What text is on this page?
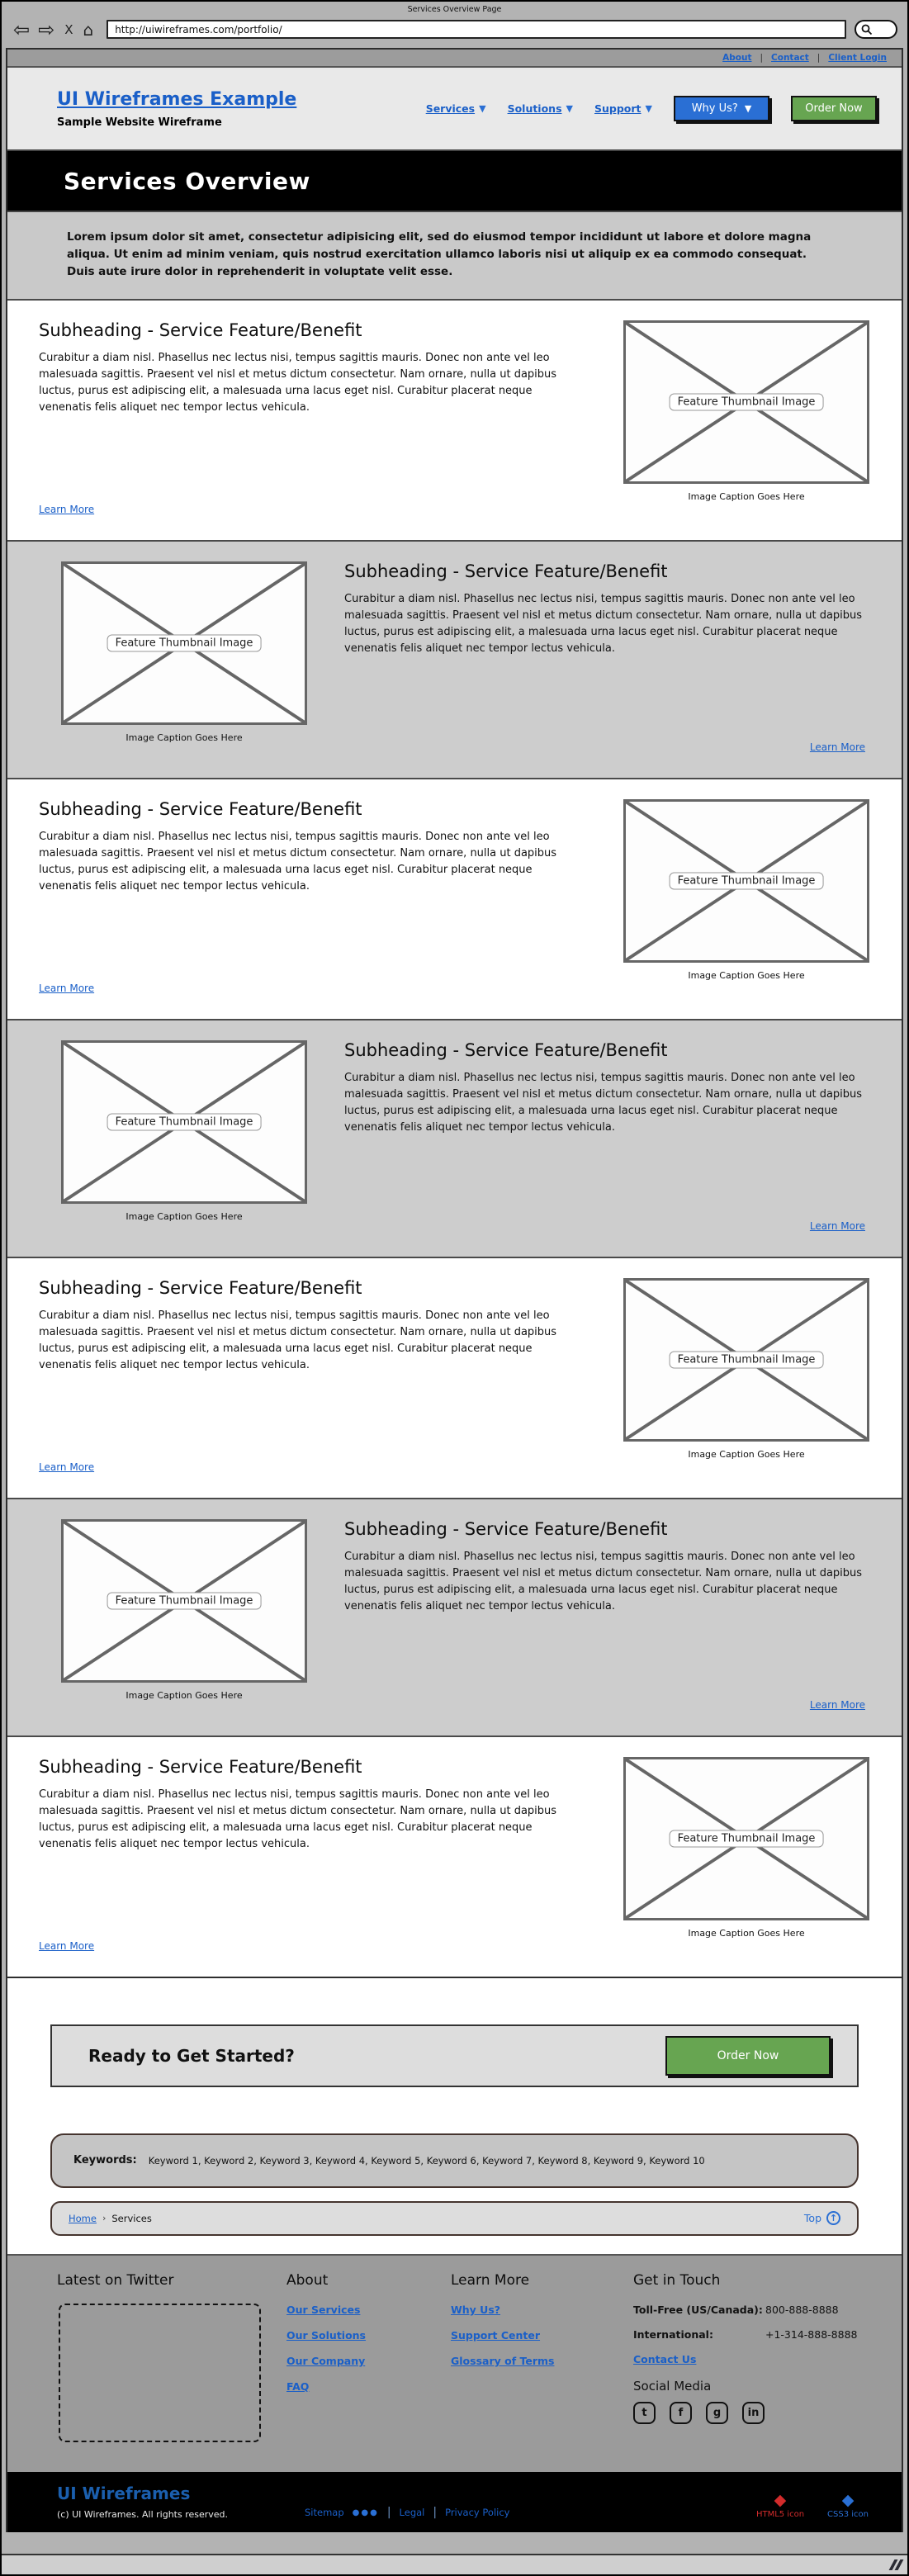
Services Overview Page
⇦ ⇨ X ⌂
http://uiwireframes.com/portfolio/
About | Contact | Client Login
UI Wireframes Example
Sample Website Wireframe
Services ▼ Solutions ▼ Support ▼	Why Us? ▼	Order Now
Services Overview
Lorem ipsum dolor sit amet, consectetur adipisicing elit, sed do eiusmod tempor incididunt ut labore et dolore magna aliqua. Ut enim ad minim veniam, quis nostrud exercitation ullamco laboris nisi ut aliquip ex ea commodo consequat. Duis aute irure dolor in reprehenderit in voluptate velit esse.
Subheading - Service Feature/Benefit
Curabitur a diam nisl. Phasellus nec lectus nisi, tempus sagittis mauris. Donec non ante vel leo malesuada sagittis. Praesent vel nisl et metus dictum consectetur. Nam ornare, nulla ut dapibus luctus, purus est adipiscing elit, a malesuada urna lacus eget nisl. Curabitur placerat neque venenatis felis aliquet nec tempor lectus vehicula.
Learn More
Feature Thumbnail Image
Image Caption Goes Here
Feature Thumbnail Image
Image Caption Goes Here
Subheading - Service Feature/Benefit
Curabitur a diam nisl. Phasellus nec lectus nisi, tempus sagittis mauris. Donec non ante vel leo malesuada sagittis. Praesent vel nisl et metus dictum consectetur. Nam ornare, nulla ut dapibus luctus, purus est adipiscing elit, a malesuada urna lacus eget nisl. Curabitur placerat neque venenatis felis aliquet nec tempor lectus vehicula.
Learn More
Subheading - Service Feature/Benefit
Curabitur a diam nisl. Phasellus nec lectus nisi, tempus sagittis mauris. Donec non ante vel leo malesuada sagittis. Praesent vel nisl et metus dictum consectetur. Nam ornare, nulla ut dapibus luctus, purus est adipiscing elit, a malesuada urna lacus eget nisl. Curabitur placerat neque venenatis felis aliquet nec tempor lectus vehicula.
Learn More
Feature Thumbnail Image
Image Caption Goes Here
Feature Thumbnail Image
Image Caption Goes Here
Subheading - Service Feature/Benefit
Curabitur a diam nisl. Phasellus nec lectus nisi, tempus sagittis mauris. Donec non ante vel leo malesuada sagittis. Praesent vel nisl et metus dictum consectetur. Nam ornare, nulla ut dapibus luctus, purus est adipiscing elit, a malesuada urna lacus eget nisl. Curabitur placerat neque venenatis felis aliquet nec tempor lectus vehicula.
Learn More
Subheading - Service Feature/Benefit
Curabitur a diam nisl. Phasellus nec lectus nisi, tempus sagittis mauris. Donec non ante vel leo malesuada sagittis. Praesent vel nisl et metus dictum consectetur. Nam ornare, nulla ut dapibus luctus, purus est adipiscing elit, a malesuada urna lacus eget nisl. Curabitur placerat neque venenatis felis aliquet nec tempor lectus vehicula.
Learn More
Feature Thumbnail Image
Image Caption Goes Here
Feature Thumbnail Image
Image Caption Goes Here
Subheading - Service Feature/Benefit
Curabitur a diam nisl. Phasellus nec lectus nisi, tempus sagittis mauris. Donec non ante vel leo malesuada sagittis. Praesent vel nisl et metus dictum consectetur. Nam ornare, nulla ut dapibus luctus, purus est adipiscing elit, a malesuada urna lacus eget nisl. Curabitur placerat neque venenatis felis aliquet nec tempor lectus vehicula.
Learn More
Subheading - Service Feature/Benefit
Curabitur a diam nisl. Phasellus nec lectus nisi, tempus sagittis mauris. Donec non ante vel leo malesuada sagittis. Praesent vel nisl et metus dictum consectetur. Nam ornare, nulla ut dapibus luctus, purus est adipiscing elit, a malesuada urna lacus eget nisl. Curabitur placerat neque venenatis felis aliquet nec tempor lectus vehicula.
Learn More
Feature Thumbnail Image
Image Caption Goes Here
Ready to Get Started?	Order Now
Keywords: Keyword 1, Keyword 2, Keyword 3, Keyword 4, Keyword 5, Keyword 6, Keyword 7, Keyword 8, Keyword 9, Keyword 10
Home › Services	Top ↑
Latest on Twitter	About
Our Services
Our Solutions
Our Company
FAQ
Learn More
Why Us?
Support Center
Glossary of Terms
Get in Touch
Toll-Free (US/Canada): 800-888-8888
International:	+1-314-888-8888
Contact Us
Social Media
t	f	g	in
UI Wireframes
(c) UI Wireframes. All rights reserved.	Sitemap ●●● | Legal | Privacy Policy
◆
HTML5 icon
◆
CSS3 icon
